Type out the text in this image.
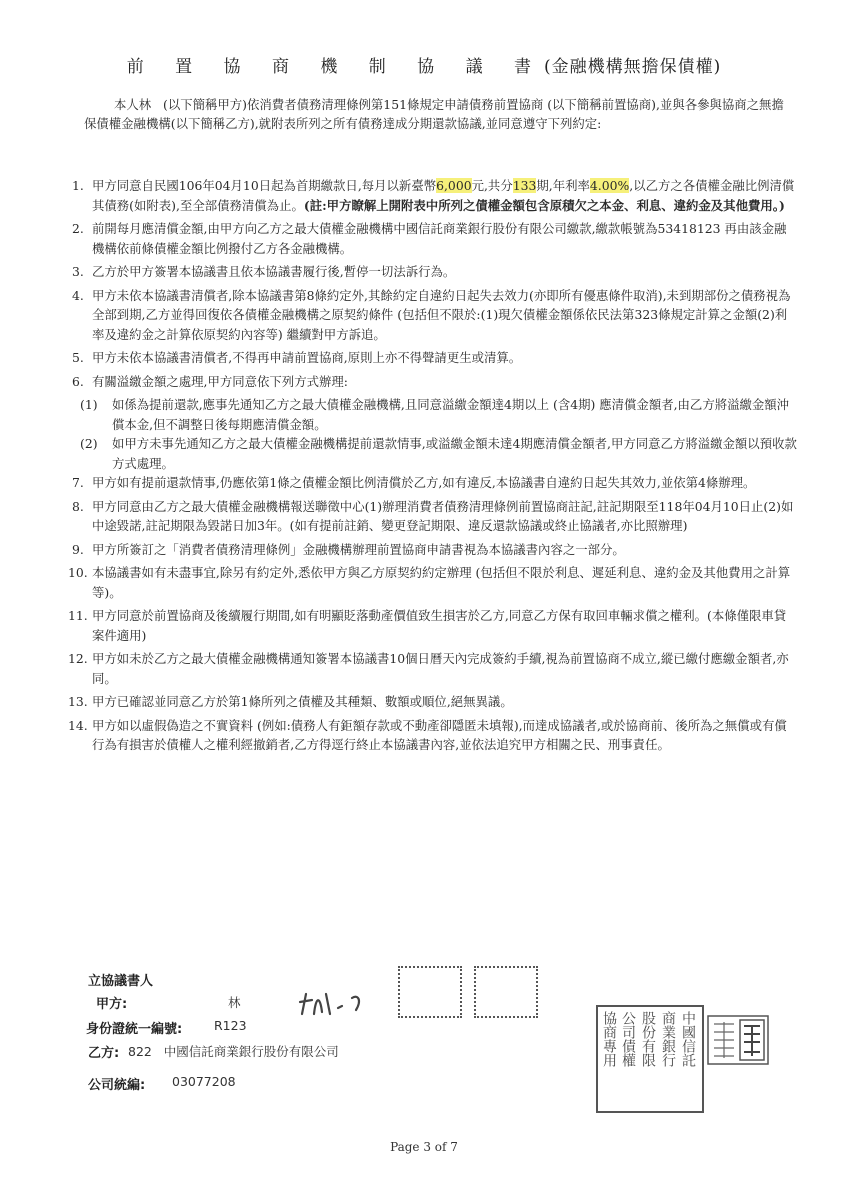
前 置 協 商 機 制 協 議 書(金融機構無擔保債權)
本人林 (以下簡稱甲方)依消費者債務清理條例第151條規定申請債務前置協商 (以下簡稱前置協商),並與各參與協商之無擔保債權金融機構(以下簡稱乙方),就附表所列之所有債務達成分期還款協議,並同意遵守下列約定:
1. 甲方同意自民國106年04月10日起為首期繳款日,每月以新臺幣6,000元,共分133期,年利率4.00%,以乙方之各債權金融比例清償其債務(如附表),至全部債務清償為止。(註:甲方瞭解上開附表中所列之債權金額包含原積欠之本金、利息、違約金及其他費用。)
2. 前開每月應清償金額,由甲方向乙方之最大債權金融機構中國信託商業銀行股份有限公司繳款,繳款帳號為53418123 再由該金融機構依前條債權金額比例撥付乙方各金融機構。
3. 乙方於甲方簽署本協議書且依本協議書履行後,暫停一切法訴行為。
4. 甲方未依本協議書清償者,除本協議書第8條約定外,其餘約定自違約日起失去效力(亦即所有優惠條件取消),未到期部份之債務視為全部到期,乙方並得回復依各債權金融機構之原契約條件 (包括但不限於:(1)現欠債權金額係依民法第323條規定計算之金額(2)利率及違約金之計算依原契約內容等) 繼續對甲方訴追。
5. 甲方未依本協議書清償者,不得再申請前置協商,原則上亦不得聲請更生或清算。
6. 有關溢繳金額之處理,甲方同意依下列方式辦理:
(1) 如係為提前還款,應事先通知乙方之最大債權金融機構,且同意溢繳金額達4期以上 (含4期) 應清償金額者,由乙方將溢繳金額沖償本金,但不調整日後每期應清償金額。
(2) 如甲方未事先通知乙方之最大債權金融機構提前還款情事,或溢繳金額未達4期應清償金額者,甲方同意乙方將溢繳金額以預收款方式處理。
7. 甲方如有提前還款情事,仍應依第1條之債權金額比例清償於乙方,如有違反,本協議書自違約日起失其效力,並依第4條辦理。
8. 甲方同意由乙方之最大債權金融機構報送聯徵中心(1)辦理消費者債務清理條例前置協商註記,註記期限至118年04月10日止(2)如中途毀諾,註記期限為毀諾日加3年。(如有提前註銷、變更登記期限、違反還款協議或終止協議者,亦比照辦理)
9. 甲方所簽訂之「消費者債務清理條例」金融機構辦理前置協商申請書視為本協議書內容之一部分。
10. 本協議書如有未盡事宜,除另有約定外,悉依甲方與乙方原契約約定辦理 (包括但不限於利息、遲延利息、違約金及其他費用之計算等)。
11. 甲方同意於前置協商及後續履行期間,如有明顯貶落動產價值致生損害於乙方,同意乙方保有取回車輛求償之權利。(本條僅限車貸案件適用)
12. 甲方如未於乙方之最大債權金融機構通知簽署本協議書10個日曆天內完成簽約手續,視為前置協商不成立,縱已繳付應繳金額者,亦同。
13. 甲方已確認並同意乙方於第1條所列之債權及其種類、數額或順位,絕無異議。
14. 甲方如以虛假偽造之不實資料 (例如:債務人有鉅額存款或不動產卻隱匿未填報),而達成協議者,或於協商前、後所為之無償或有償行為有損害於債權人之權利經撤銷者,乙方得逕行終止本協議書內容,並依法追究甲方相關之民、刑事責任。
立協議書人
甲方:	林
身份證統一編號:	R123
乙方: 822   中國信託商業銀行股份有限公司
公司統編: 03077208
中國信託
商業銀行
股份有限
公司債權
協商專用
Page 3 of 7
